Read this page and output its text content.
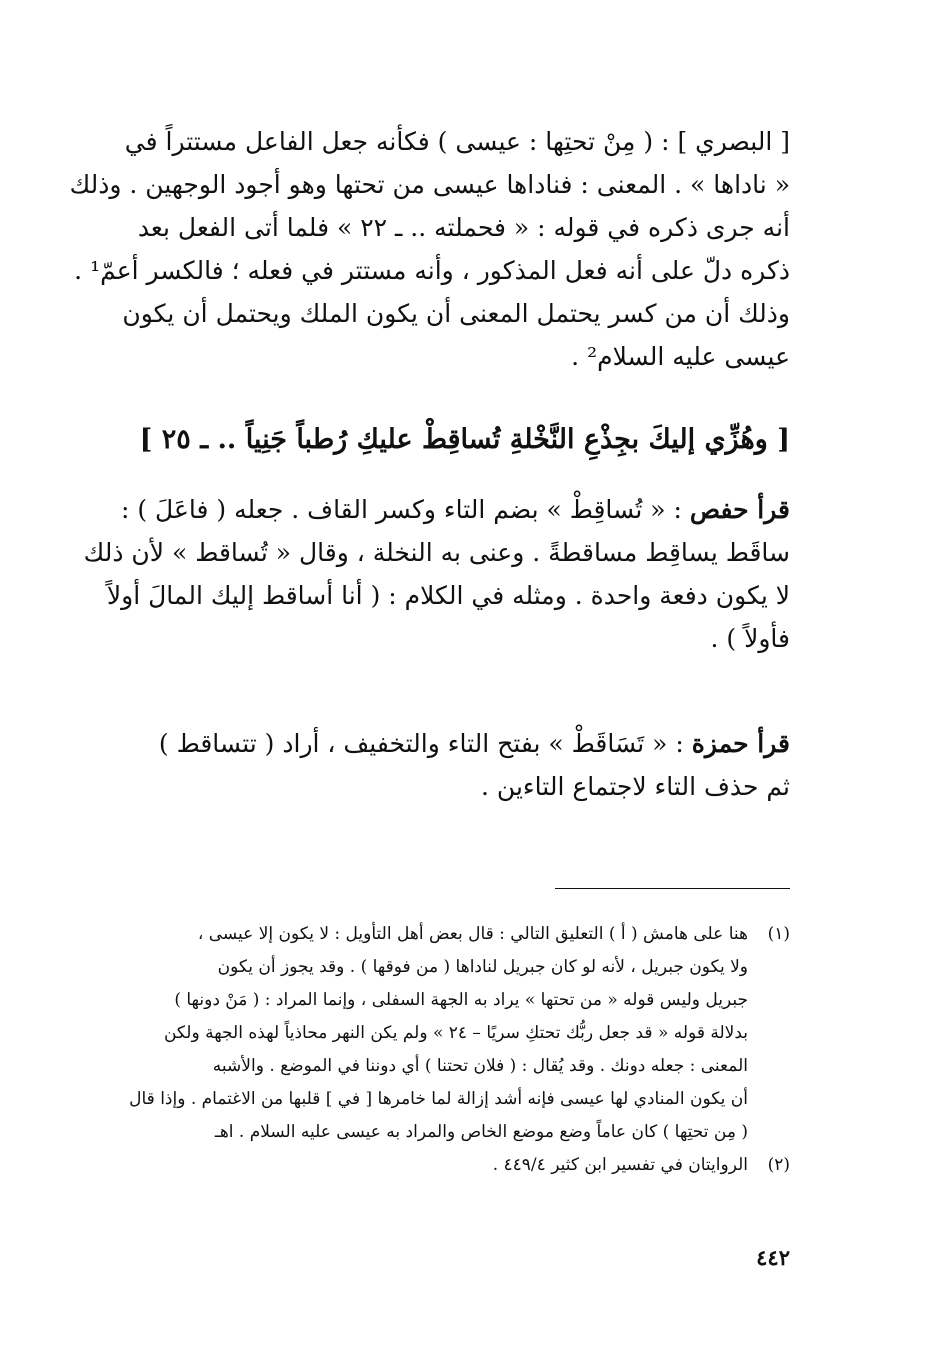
[ البصري ] : ( مِنْ تحتِها : عيسى ) فكأنه جعل الفاعل مستتراً في
« ناداها » . المعنى : فناداها عيسى من تحتها وهو أجود الوجهين . وذلك
أنه جرى ذكره في قوله : « فحملته .. ـ ٢٢ » فلما أتى الفعل بعد
ذكره دلّ على أنه فعل المذكور ، وأنه مستتر في فعله ؛ فالكسر أعمّ¹ .
وذلك أن من كسر يحتمل المعنى أن يكون الملك ويحتمل أن يكون
عيسى عليه السلام² .
[ وهُزِّي إليكَ بجِذْعِ النَّخْلةِ تُساقِطْ عليكِ رُطباً جَنِياً .. ـ ٢٥ ]
قرأ حفص : « تُساقِطْ » بضم التاء وكسر القاف . جعله ( فاعَلَ ) :
ساقَط يساقِط مساقطةً . وعنى به النخلة ، وقال « تُساقط » لأن ذلك
لا يكون دفعة واحدة . ومثله في الكلام : ( أنا أساقط إليك المالَ أولاً
فأولاً ) .
قرأ حمزة : « تَسَاقَطْ » بفتح التاء والتخفيف ، أراد ( تتساقط )
ثم حذف التاء لاجتماع التاءين .
(١)هنا على هامش ( أ ) التعليق التالي : قال بعض أهل التأويل : لا يكون إلا عيسى ،
ولا يكون جبريل ، لأنه لو كان جبريل لناداها ( من فوقها ) . وقد يجوز أن يكون
جبريل وليس قوله « من تحتها » يراد به الجهة السفلى ، وإنما المراد : ( مَنْ دونها )
بدلالة قوله « قد جعل ربُّك تحتكِ سريًا – ٢٤ » ولم يكن النهر محاذياً لهذه الجهة ولكن
المعنى : جعله دونك . وقد يُقال : ( فلان تحتنا ) أي دوننا في الموضع . والأشبه
أن يكون المنادي لها عيسى فإنه أشد إزالة لما خامرها [ في ] قلبها من الاغتمام . وإذا قال
( مِن تحتِها ) كان عاماً وضع موضع الخاص والمراد به عيسى عليه السلام . اهـ
(٢)الروايتان في تفسير ابن كثير ٤٤٩/٤ .
٤٤٢
